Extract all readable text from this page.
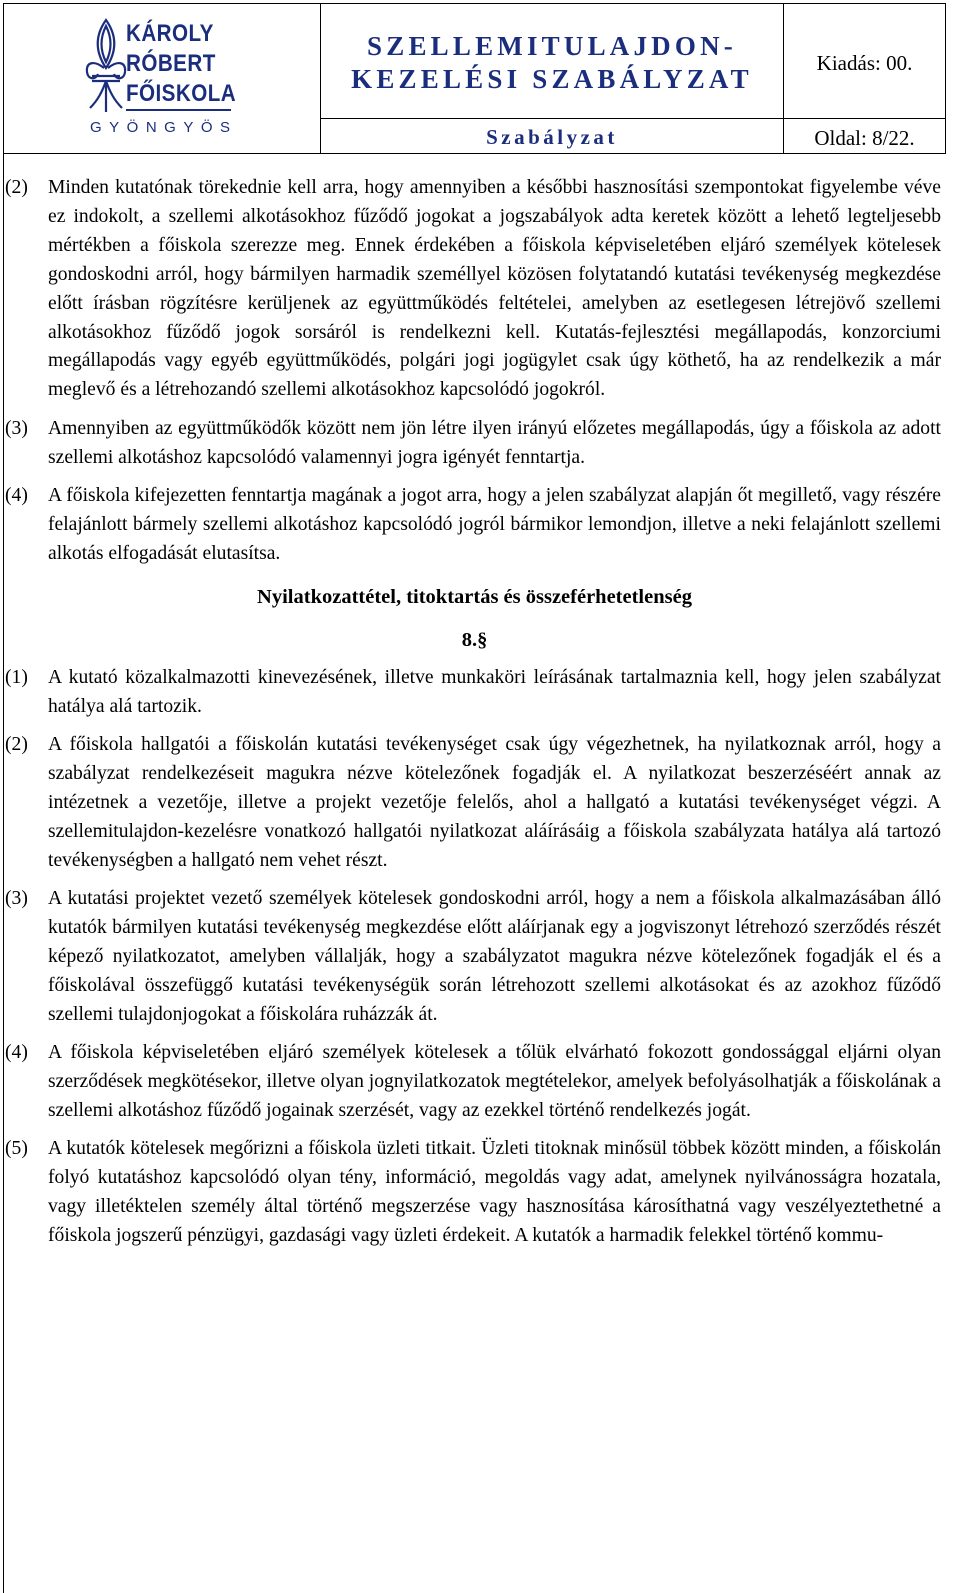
KÁROLY
RÓBERT
FŐISKOLA
GYÖNGYÖS
SZELLEMITULAJDON-
KEZELÉSI SZABÁLYZAT
Kiadás: 00.
Szabályzat	Oldal: 8/22.

(2) Minden kutatónak törekednie kell arra, hogy amennyiben a későbbi hasznosítási szempontokat figyelembe véve ez indokolt, a szellemi alkotásokhoz fűződő jogokat a jogszabályok adta keretek között a lehető legteljesebb mértékben a főiskola szerezze meg. Ennek érdekében a főiskola képviseletében eljáró személyek kötelesek gondoskodni arról, hogy bármilyen harmadik személlyel közösen folytatandó kutatási tevékenység megkezdése előtt írásban rögzítésre kerüljenek az együttműködés feltételei, amelyben az esetlegesen létrejövő szellemi alkotásokhoz fűződő jogok sorsáról is rendelkezni kell. Kutatás-fejlesztési megállapodás, konzorciumi megállapodás vagy egyéb együttműködés, polgári jogi jogügylet csak úgy köthető, ha az rendelkezik a már meglevő és a létrehozandó szellemi alkotásokhoz kapcsolódó jogokról.

(3) Amennyiben az együttműködők között nem jön létre ilyen irányú előzetes megállapodás, úgy a főiskola az adott szellemi alkotáshoz kapcsolódó valamennyi jogra igényét fenntartja.

(4) A főiskola kifejezetten fenntartja magának a jogot arra, hogy a jelen szabályzat alapján őt megillető, vagy részére felajánlott bármely szellemi alkotáshoz kapcsolódó jogról bármikor lemondjon, illetve a neki felajánlott szellemi alkotás elfogadását elutasítsa.

Nyilatkozattétel, titoktartás és összeférhetetlenség

8.§

(1) A kutató közalkalmazotti kinevezésének, illetve munkaköri leírásának tartalmaznia kell, hogy jelen szabályzat hatálya alá tartozik.

(2) A főiskola hallgatói a főiskolán kutatási tevékenységet csak úgy végezhetnek, ha nyilatkoznak arról, hogy a szabályzat rendelkezéseit magukra nézve kötelezőnek fogadják el. A nyilatkozat beszerzéséért annak az intézetnek a vezetője, illetve a projekt vezetője felelős, ahol a hallgató a kutatási tevékenységet végzi. A szellemitulajdon-kezelésre vonatkozó hallgatói nyilatkozat aláírásáig a főiskola szabályzata hatálya alá tartozó tevékenységben a hallgató nem vehet részt.

(3) A kutatási projektet vezető személyek kötelesek gondoskodni arról, hogy a nem a főiskola alkalmazásában álló kutatók bármilyen kutatási tevékenység megkezdése előtt aláírjanak egy a jogviszonyt létrehozó szerződés részét képező nyilatkozatot, amelyben vállalják, hogy a szabályzatot magukra nézve kötelezőnek fogadják el és a főiskolával összefüggő kutatási tevékenységük során létrehozott szellemi alkotásokat és az azokhoz fűződő szellemi tulajdonjogokat a főiskolára ruházzák át.

(4) A főiskola képviseletében eljáró személyek kötelesek a tőlük elvárható fokozott gondossággal eljárni olyan szerződések megkötésekor, illetve olyan jognyilatkozatok megtételekor, amelyek befolyásolhatják a főiskolának a szellemi alkotáshoz fűződő jogainak szerzését, vagy az ezekkel történő rendelkezés jogát.

(5) A kutatók kötelesek megőrizni a főiskola üzleti titkait. Üzleti titoknak minősül többek között minden, a főiskolán folyó kutatáshoz kapcsolódó olyan tény, információ, megoldás vagy adat, amelynek nyilvánosságra hozatala, vagy illetéktelen személy által történő megszerzése vagy hasznosítása károsíthatná vagy veszélyeztethetné a főiskola jogszerű pénzügyi, gazdasági vagy üzleti érdekeit. A kutatók a harmadik felekkel történő kommu-
